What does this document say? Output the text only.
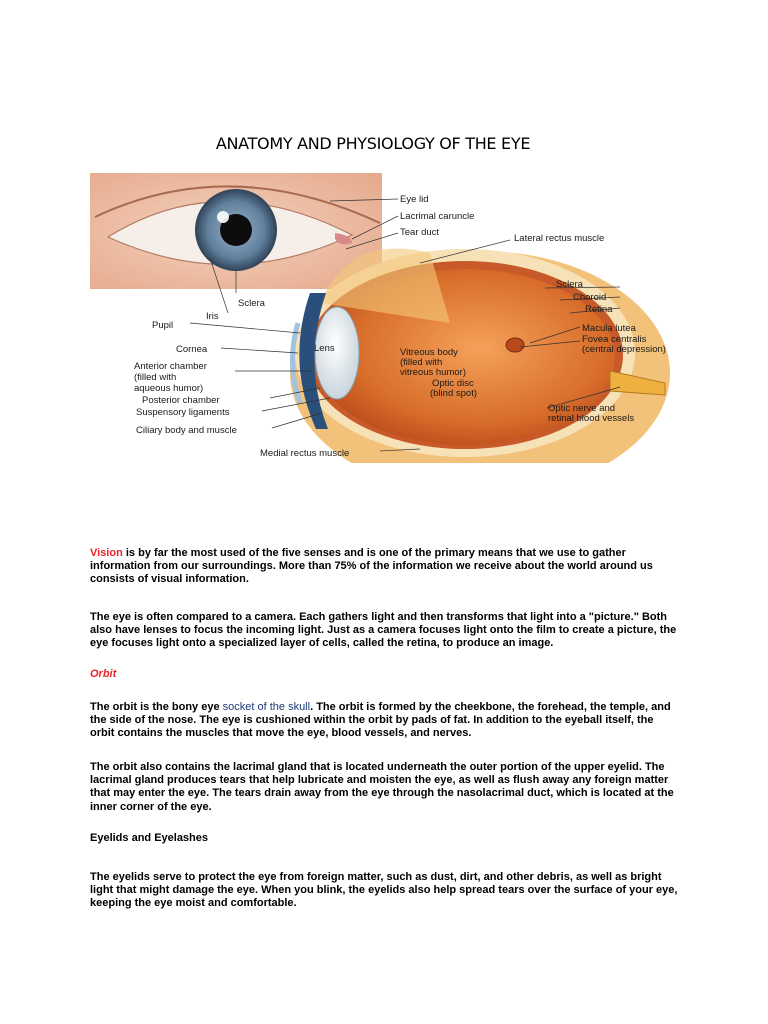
ANATOMY AND PHYSIOLOGY OF THE EYE
Eye lid
Lacrimal caruncle
Tear duct
Lateral rectus muscle
Sclera
Iris
Pupil
Cornea	Lens
Anterior chamber
(filled with
aqueous humor)
Posterior chamber
Suspensory ligaments
Ciliary body and muscle
Medial rectus muscle
Vitreous body
(filled with
vitreous humor)
Optic disc
(blind spot)
Sclera
Choroid
Retina
Macula lutea
Fovea centralis
(central depression)
Optic nerve and
retinal blood vessels
Vision is by far the most used of the five senses and is one of the primary means that we use to gather information from our surroundings. More than 75% of the information we receive about the world around us consists of visual information.
The eye is often compared to a camera. Each gathers light and then transforms that light into a "picture." Both also have lenses to focus the incoming light. Just as a camera focuses light onto the film to create a picture, the eye focuses light onto a specialized layer of cells, called the retina, to produce an image.
Orbit
The orbit is the bony eye socket of the skull. The orbit is formed by the cheekbone, the forehead, the temple, and the side of the nose. The eye is cushioned within the orbit by pads of fat. In addition to the eyeball itself, the orbit contains the muscles that move the eye, blood vessels, and nerves.
The orbit also contains the lacrimal gland that is located underneath the outer portion of the upper eyelid. The lacrimal gland produces tears that help lubricate and moisten the eye, as well as flush away any foreign matter that may enter the eye. The tears drain away from the eye through the nasolacrimal duct, which is located at the inner corner of the eye.
Eyelids and Eyelashes
The eyelids serve to protect the eye from foreign matter, such as dust, dirt, and other debris, as well as bright light that might damage the eye. When you blink, the eyelids also help spread tears over the surface of your eye, keeping the eye moist and comfortable.
